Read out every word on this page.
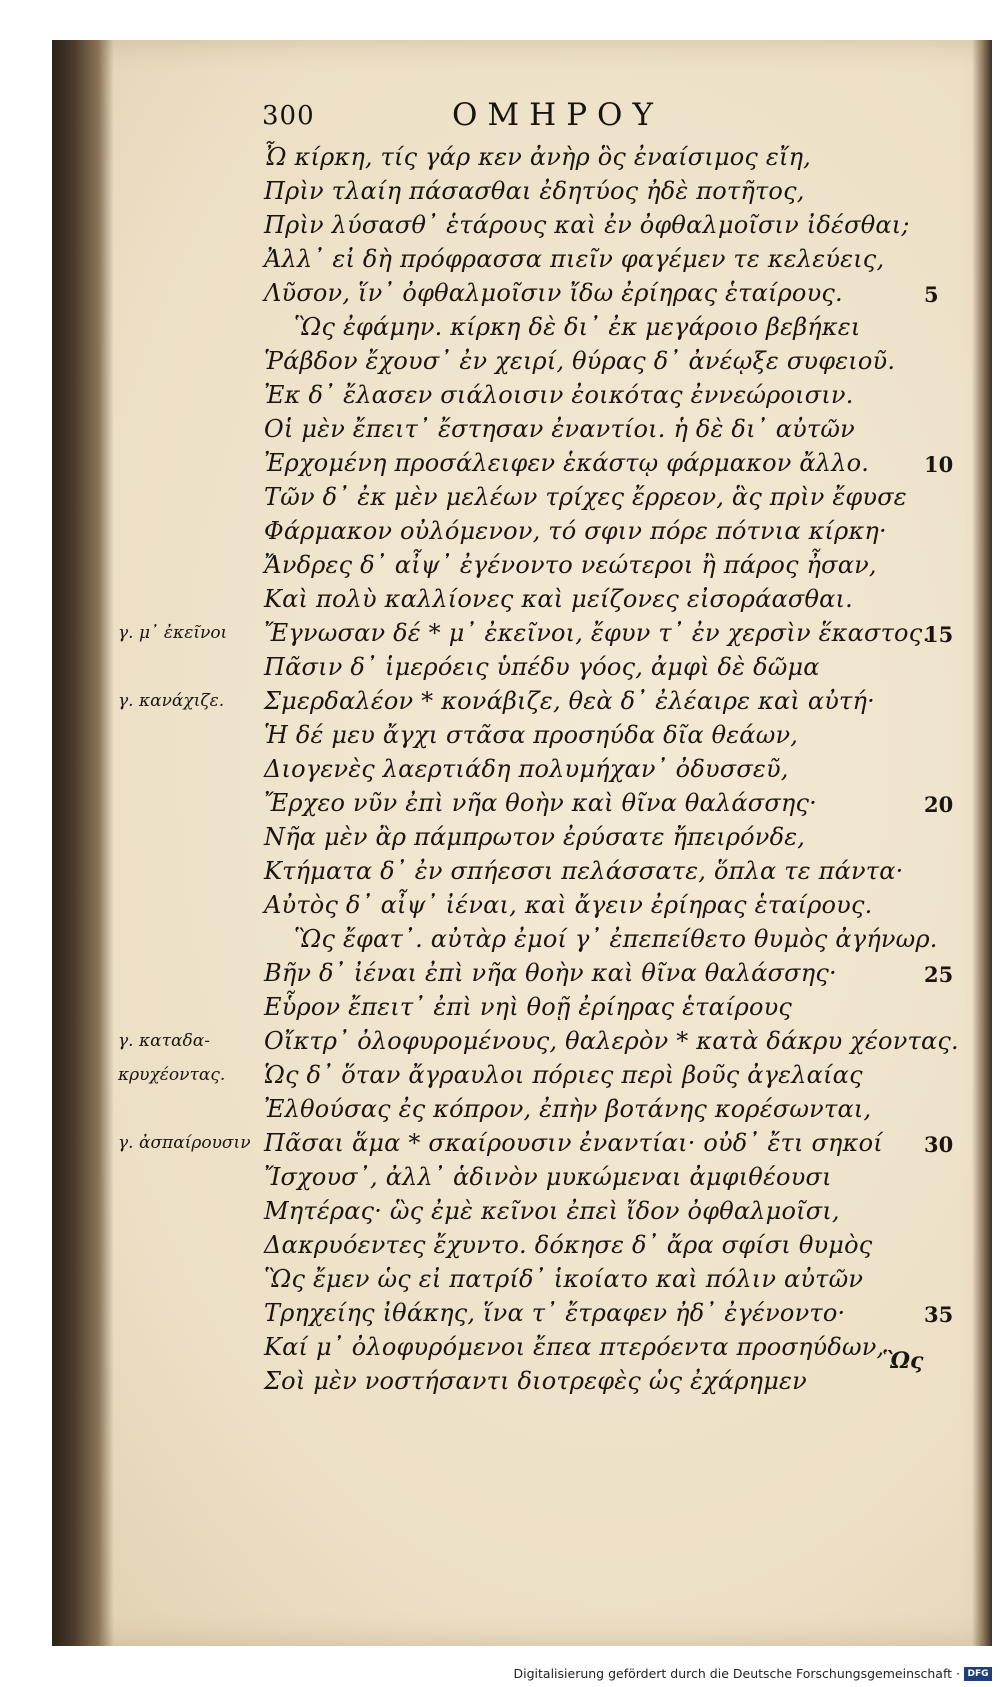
300	ΟΜΗΡΟΥ
Ὦ κίρκη, τίς γάρ κεν ἀνὴρ ὃς ἐναίσιμος εἴη,
Πρὶν τλαίη πάσασθαι ἐδητύος ἠδὲ ποτῆτος,
Πρὶν λύσασθ᾽ ἑτάρους καὶ ἐν ὀφθαλμοῖσιν ἰδέσθαι;
Ἀλλ᾽ εἰ δὴ πρόφρασσα πιεῖν φαγέμεν τε κελεύεις,
Λῦσον, ἵν᾽ ὀφθαλμοῖσιν ἴδω ἐρίηρας ἑταίρους.
Ὣς ἐφάμην. κίρκη δὲ δι᾽ ἐκ μεγάροιο βεβήκει
Ῥάβδον ἔχουσ᾽ ἐν χειρί, θύρας δ᾽ ἀνέῳξε συφειοῦ.
Ἐκ δ᾽ ἔλασεν σιάλοισιν ἐοικότας ἐννεώροισιν.
Οἱ μὲν ἔπειτ᾽ ἔστησαν ἐναντίοι. ἡ δὲ δι᾽ αὐτῶν
Ἐρχομένη προσάλειφεν ἑκάστῳ φάρμακον ἄλλο.
Τῶν δ᾽ ἐκ μὲν μελέων τρίχες ἔρρεον, ἃς πρὶν ἔφυσε
Φάρμακον οὐλόμενον, τό σφιν πόρε πότνια κίρκη·
Ἄνδρες δ᾽ αἶψ᾽ ἐγένοντο νεώτεροι ἢ πάρος ἦσαν,
Καὶ πολὺ καλλίονες καὶ μείζονες εἰσοράασθαι.
Ἔγνωσαν δέ * μ᾽ ἐκεῖνοι, ἔφυν τ᾽ ἐν χερσὶν ἕκαστος.
Πᾶσιν δ᾽ ἱμερόεις ὑπέδυ γόος, ἀμφὶ δὲ δῶμα
Σμερδαλέον * κονάβιζε, θεὰ δ᾽ ἐλέαιρε καὶ αὐτή·
Ἡ δέ μευ ἄγχι στᾶσα προσηύδα δῖα θεάων,
Διογενὲς λαερτιάδη πολυμήχαν᾽ ὀδυσσεῦ,
Ἔρχεο νῦν ἐπὶ νῆα θοὴν καὶ θῖνα θαλάσσης·
Νῆα μὲν ἂρ πάμπρωτον ἐρύσατε ἤπειρόνδε,
Κτήματα δ᾽ ἐν σπήεσσι πελάσσατε, ὅπλα τε πάντα·
Αὐτὸς δ᾽ αἶψ᾽ ἰέναι, καὶ ἄγειν ἐρίηρας ἑταίρους.
Ὣς ἔφατ᾽. αὐτὰρ ἐμοί γ᾽ ἐπεπείθετο θυμὸς ἀγήνωρ.
Βῆν δ᾽ ἰέναι ἐπὶ νῆα θοὴν καὶ θῖνα θαλάσσης·
Εὗρον ἔπειτ᾽ ἐπὶ νηὶ θοῇ ἐρίηρας ἑταίρους
Οἴκτρ᾽ ὀλοφυρομένους, θαλερὸν * κατὰ δάκρυ χέοντας.
Ὡς δ᾽ ὅταν ἄγραυλοι πόριες περὶ βοῦς ἀγελαίας
Ἐλθούσας ἐς κόπρον, ἐπὴν βοτάνης κορέσωνται,
Πᾶσαι ἅμα * σκαίρουσιν ἐναντίαι· οὐδ᾽ ἔτι σηκοί
Ἴσχουσ᾽, ἀλλ᾽ ἁδινὸν μυκώμεναι ἀμφιθέουσι
Μητέρας· ὣς ἐμὲ κεῖνοι ἐπεὶ ἴδον ὀφθαλμοῖσι,
Δακρυόεντες ἔχυντο. δόκησε δ᾽ ἄρα σφίσι θυμὸς
Ὣς ἔμεν ὡς εἰ πατρίδ᾽ ἱκοίατο καὶ πόλιν αὐτῶν
Τρηχείης ἰθάκης, ἵνα τ᾽ ἔτραφεν ἠδ᾽ ἐγένοντο·
Καί μ᾽ ὀλοφυρόμενοι ἔπεα πτερόεντα προσηύδων,
Σοὶ μὲν νοστήσαντι διοτρεφὲς ὡς ἐχάρημεν
γ. μ᾽ ἐκεῖνοι
γ. κανάχιζε.
γ. καταδα-
κρυχέοντας.
γ. ἀσπαίρουσιν
5
10
15
20
25
30
35
Ὣς
Digitalisierung gefördert durch die Deutsche Forschungsgemeinschaft · DFG
